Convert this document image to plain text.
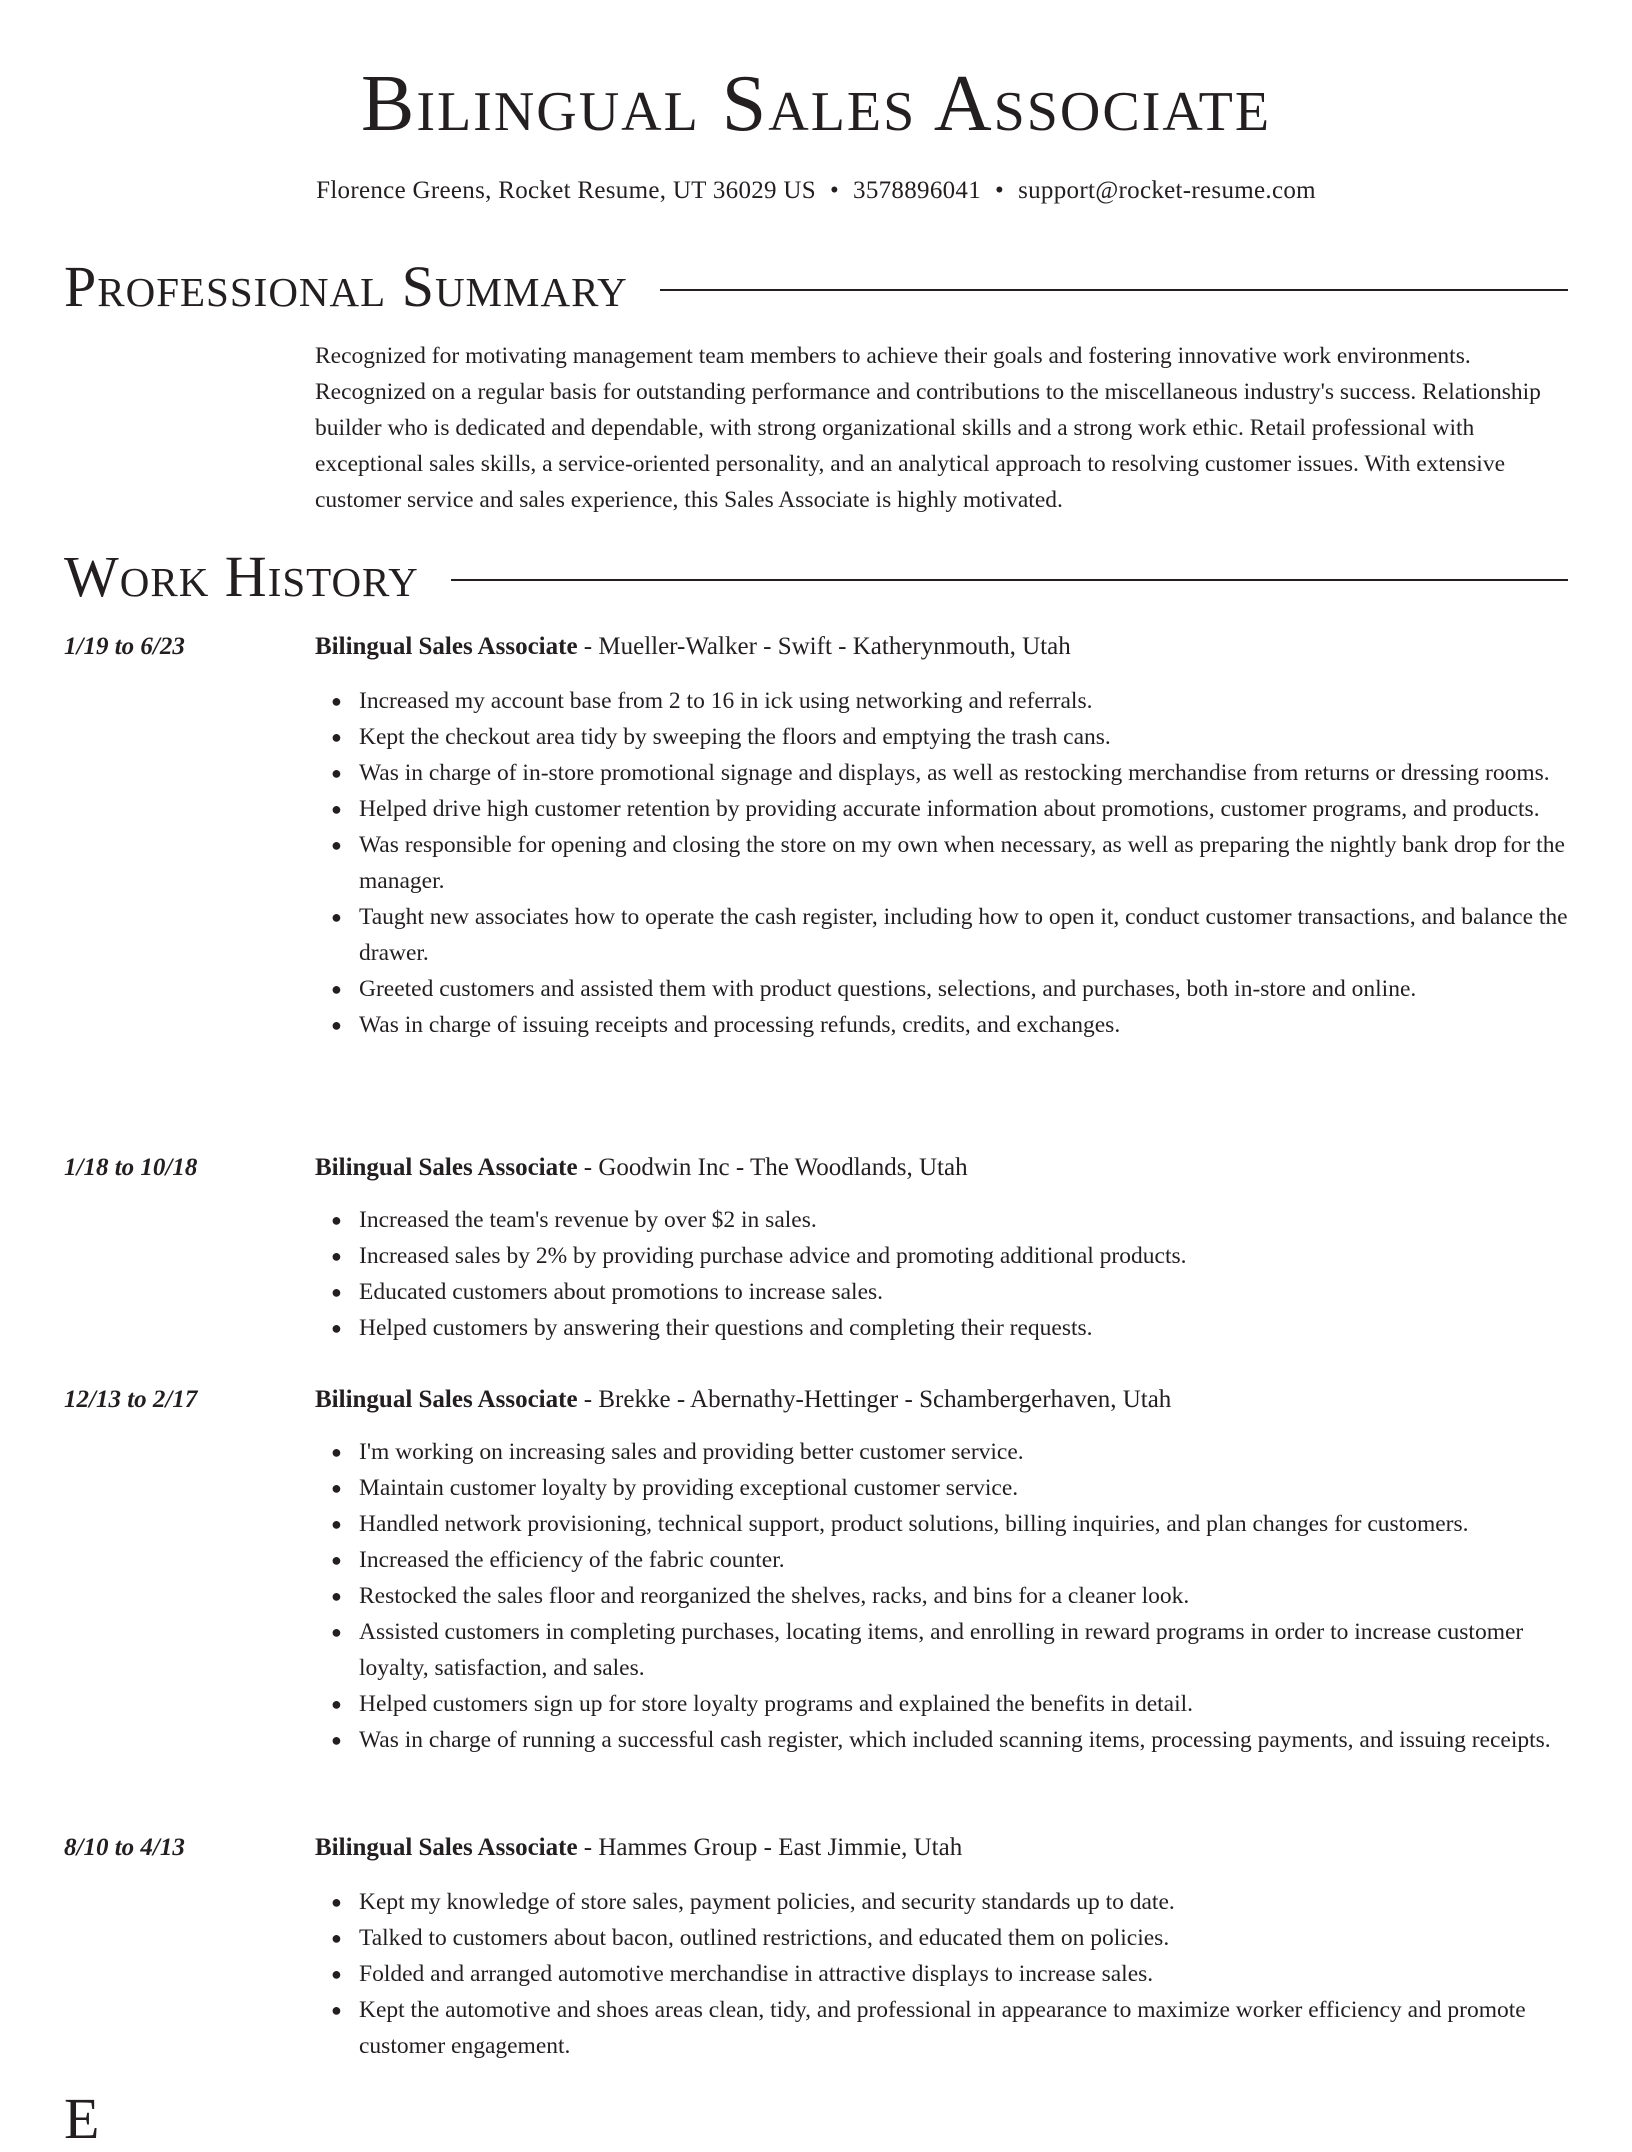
Bilingual Sales Associate
Florence Greens, Rocket Resume, UT 36029 US • 3578896041 • support@rocket-resume.com
Professional Summary

Recognized for motivating management team members to achieve their goals and fostering innovative work environments. Recognized on a regular basis for outstanding performance and contributions to the miscellaneous industry's success. Relationship builder who is dedicated and dependable, with strong organizational skills and a strong work ethic. Retail professional with exceptional sales skills, a service-oriented personality, and an analytical approach to resolving customer issues. With extensive customer service and sales experience, this Sales Associate is highly motivated.

Work History
1/19 to 6/23	Bilingual Sales Associate - Mueller-Walker - Swift - Katherynmouth, Utah
● Increased my account base from 2 to 16 in ick using networking and referrals.
● Kept the checkout area tidy by sweeping the floors and emptying the trash cans.
● Was in charge of in-store promotional signage and displays, as well as restocking merchandise from returns or dressing rooms.
● Helped drive high customer retention by providing accurate information about promotions, customer programs, and products.
● Was responsible for opening and closing the store on my own when necessary, as well as preparing the nightly bank drop for the manager.
● Taught new associates how to operate the cash register, including how to open it, conduct customer transactions, and balance the drawer.
● Greeted customers and assisted them with product questions, selections, and purchases, both in-store and online.
● Was in charge of issuing receipts and processing refunds, credits, and exchanges.
1/18 to 10/18	Bilingual Sales Associate - Goodwin Inc - The Woodlands, Utah
● Increased the team's revenue by over $2 in sales.
● Increased sales by 2% by providing purchase advice and promoting additional products.
● Educated customers about promotions to increase sales.
● Helped customers by answering their questions and completing their requests.
12/13 to 2/17	Bilingual Sales Associate - Brekke - Abernathy-Hettinger - Schambergerhaven, Utah
● I'm working on increasing sales and providing better customer service.
● Maintain customer loyalty by providing exceptional customer service.
● Handled network provisioning, technical support, product solutions, billing inquiries, and plan changes for customers.
● Increased the efficiency of the fabric counter.
● Restocked the sales floor and reorganized the shelves, racks, and bins for a cleaner look.
● Assisted customers in completing purchases, locating items, and enrolling in reward programs in order to increase customer loyalty, satisfaction, and sales.
● Helped customers sign up for store loyalty programs and explained the benefits in detail.
● Was in charge of running a successful cash register, which included scanning items, processing payments, and issuing receipts.
8/10 to 4/13	Bilingual Sales Associate - Hammes Group - East Jimmie, Utah
● Kept my knowledge of store sales, payment policies, and security standards up to date.
● Talked to customers about bacon, outlined restrictions, and educated them on policies.
● Folded and arranged automotive merchandise in attractive displays to increase sales.
● Kept the automotive and shoes areas clean, tidy, and professional in appearance to maximize worker efficiency and promote customer engagement.
E
